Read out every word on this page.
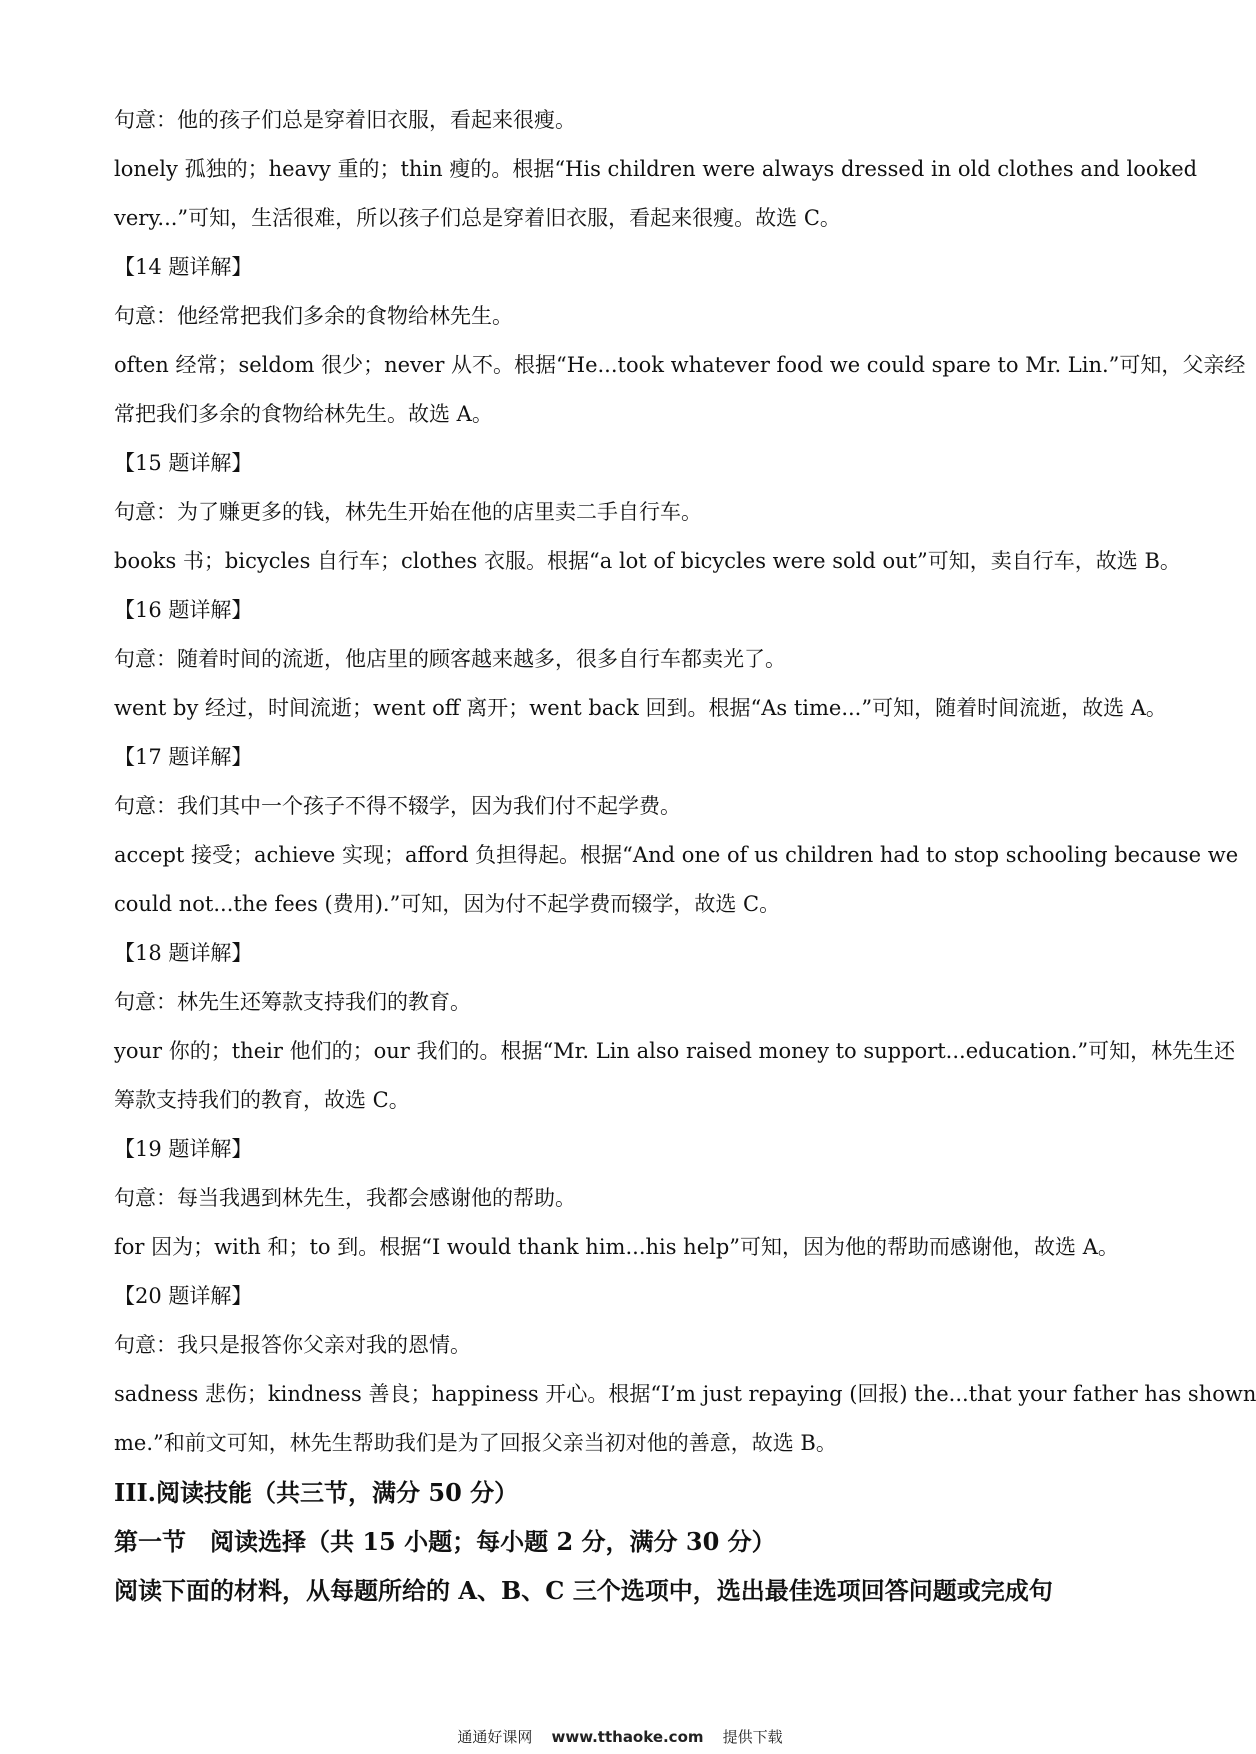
句意：他的孩子们总是穿着旧衣服，看起来很瘦。
lonely 孤独的；heavy 重的；thin 瘦的。根据“His children were always dressed in old clothes and looked
very...”可知，生活很难，所以孩子们总是穿着旧衣服，看起来很瘦。故选 C。
【14 题详解】
句意：他经常把我们多余的食物给林先生。
often 经常；seldom 很少；never 从不。根据“He...took whatever food we could spare to Mr. Lin.”可知，父亲经
常把我们多余的食物给林先生。故选 A。
【15 题详解】
句意：为了赚更多的钱，林先生开始在他的店里卖二手自行车。
books 书；bicycles 自行车；clothes 衣服。根据“a lot of bicycles were sold out”可知，卖自行车，故选 B。
【16 题详解】
句意：随着时间的流逝，他店里的顾客越来越多，很多自行车都卖光了。
went by 经过，时间流逝；went off 离开；went back 回到。根据“As time...”可知，随着时间流逝，故选 A。
【17 题详解】
句意：我们其中一个孩子不得不辍学，因为我们付不起学费。
accept 接受；achieve 实现；afford 负担得起。根据“And one of us children had to stop schooling because we
could not...the fees (费用).”可知，因为付不起学费而辍学，故选 C。
【18 题详解】
句意：林先生还筹款支持我们的教育。
your 你的；their 他们的；our 我们的。根据“Mr. Lin also raised money to support...education.”可知，林先生还
筹款支持我们的教育，故选 C。
【19 题详解】
句意：每当我遇到林先生，我都会感谢他的帮助。
for 因为；with 和；to 到。根据“I would thank him...his help”可知，因为他的帮助而感谢他，故选 A。
【20 题详解】
句意：我只是报答你父亲对我的恩情。
sadness 悲伤；kindness 善良；happiness 开心。根据“I’m just repaying (回报) the...that your father has shown
me.”和前文可知，林先生帮助我们是为了回报父亲当初对他的善意，故选 B。
III.阅读技能（共三节，满分 50 分）
第一节　阅读选择（共 15 小题；每小题 2 分，满分 30 分）
阅读下面的材料，从每题所给的 A、B、C 三个选项中，选出最佳选项回答问题或完成句
通通好课网 www.tthaoke.com 提供下载
